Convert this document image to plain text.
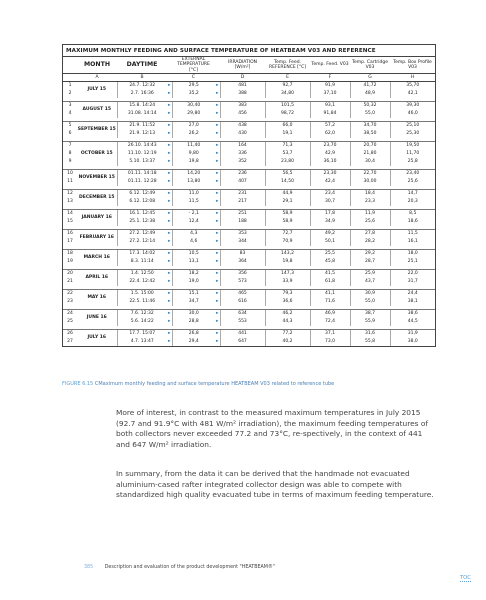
MAXIMUM MONTHLY FEEDING AND SURFACE TEMPERATURE OF HEATBEAM V03 AND REFERENCE
	MONTH	DAYTIME		EXTERNAL TEMPERATURE [°C]		IRRADIATION [W/m²]	Temp. Feed. REFERENCE [°C]	Temp. Feed. V03	Temp. Cartridge V03	Temp. Box Profile V03
	A	B		C		D	E	F	G	H
1	JULY 15	24.7. 12:32	▸	29,5	▸	481	92,7	91,9	41,72	35,70
2		2.7. 16:36	▸	35,2	▸	388	34,80	37,10	48,9	42,1

3	AUGUST 15	15.8. 14:24	▸	30,40	▸	383	101,5	93,1	50,32	39,30
4		31.08. 14:14	▸	29,80	▸	456	98,72	91,84	55,0	46,0

5	SEPTEMBER 15	21.9. 11:52	▸	27,0	▸	438	66,0	57,2	34,70	25,10
6		21.9. 12:13	▸	26,2	▸	430	19,1	62,0	38,50	25,30

7	OCTOBER 15	26.10. 14:43	▸	11,40	▸	164	71,3	23,70	20,70	19,50
8		11.10. 12:19	▸	9,80	▸	336	53,7	42,9	21,80	11,70
9		5.10. 13:37	▸	19,8	▸	352	23,80	36,10	30,4	25,8

10	NOVEMBER 15	01.11. 14:18	▸	14,20	▸	236	56,5	23,30	22,70	23,40
11		01.11. 12:28	▸	13,80	▸	407	14,50	42,4	30,00	25,6

12	DECEMBER 15	6.12. 12:49	▸	11,0	▸	231	44,9	23,4	18,4	14,7
13		6.12. 12:08	▸	11,5	▸	217	29,1	30,7	23,3	20,3

14	JANUARY 16	16.1. 12:45	▸	- 2,1	▸	251	58,9	17,8	11,9	8,5
15		25.1. 12:38	▸	12,4	▸	188	58,9	34,9	25,6	18,6

16	FEBRUARY 16	27.2. 12:49	▸	4,3	▸	353	72,7	49,2	27,8	11,5
17		27.2. 12:14	▸	4,6	▸	344	70,9	50,1	28,2	16,1

18	MARCH 16	17.3. 14:02	▸	10,5	▸	83	143,2	25,5	29,2	18,0
19		8.3. 11:14	▸	13,1	▸	364	19,8	45,8	28,7	25,1

20	APRIL 16	1.4. 12:50	▸	18,2	▸	356	147,3	41,5	25,9	22,0
21		22.4. 12:42	▸	19,0	▸	573	33,9	61,8	43,7	31,7

22	MAY 16	1.5. 15:00	▸	15,1	▸	465	79,3	41,1	30,9	24,4
23		22.5. 11:46	▸	34,7	▸	616	36,6	71,6	55,0	38,1

24	JUNE 16	7.6. 12:32	▸	30,0	▸	634	46,2	46,9	38,7	38,6
25		5.6. 14:22	▸	28,8	▸	553	44,3	72,4	55,9	44,5

26	JULY 16	17.7. 15:07	▸	26,8	▸	441	77,2	37,1	31,6	31,9
27		4.7. 13:47	▸	29,4	▸	647	40,2	73,0	55,8	38,0
FIGURE 6.15 CMaximum monthly feeding and surface temperature HEATBEAM V03 related to reference tube
More of interest, in contrast to the measured maximum temperatures in July 2015 (92.7 and 91.9°C with 481 W/m² irradiation), the maximum feeding temperatures of both collectors never exceeded 77.2 and 73°C, re-spectively, in the context of 441 and 647 W/m² irradiation.
In summary, from the data it can be derived that the handmade not evacuated aluminium-cased rafter integrated collector design was able to compete with standardized high quality evacuated tube in terms of maximum feeding temperature.
385 Description and evaluation of the product development "HEATBEAM®"
TOC
